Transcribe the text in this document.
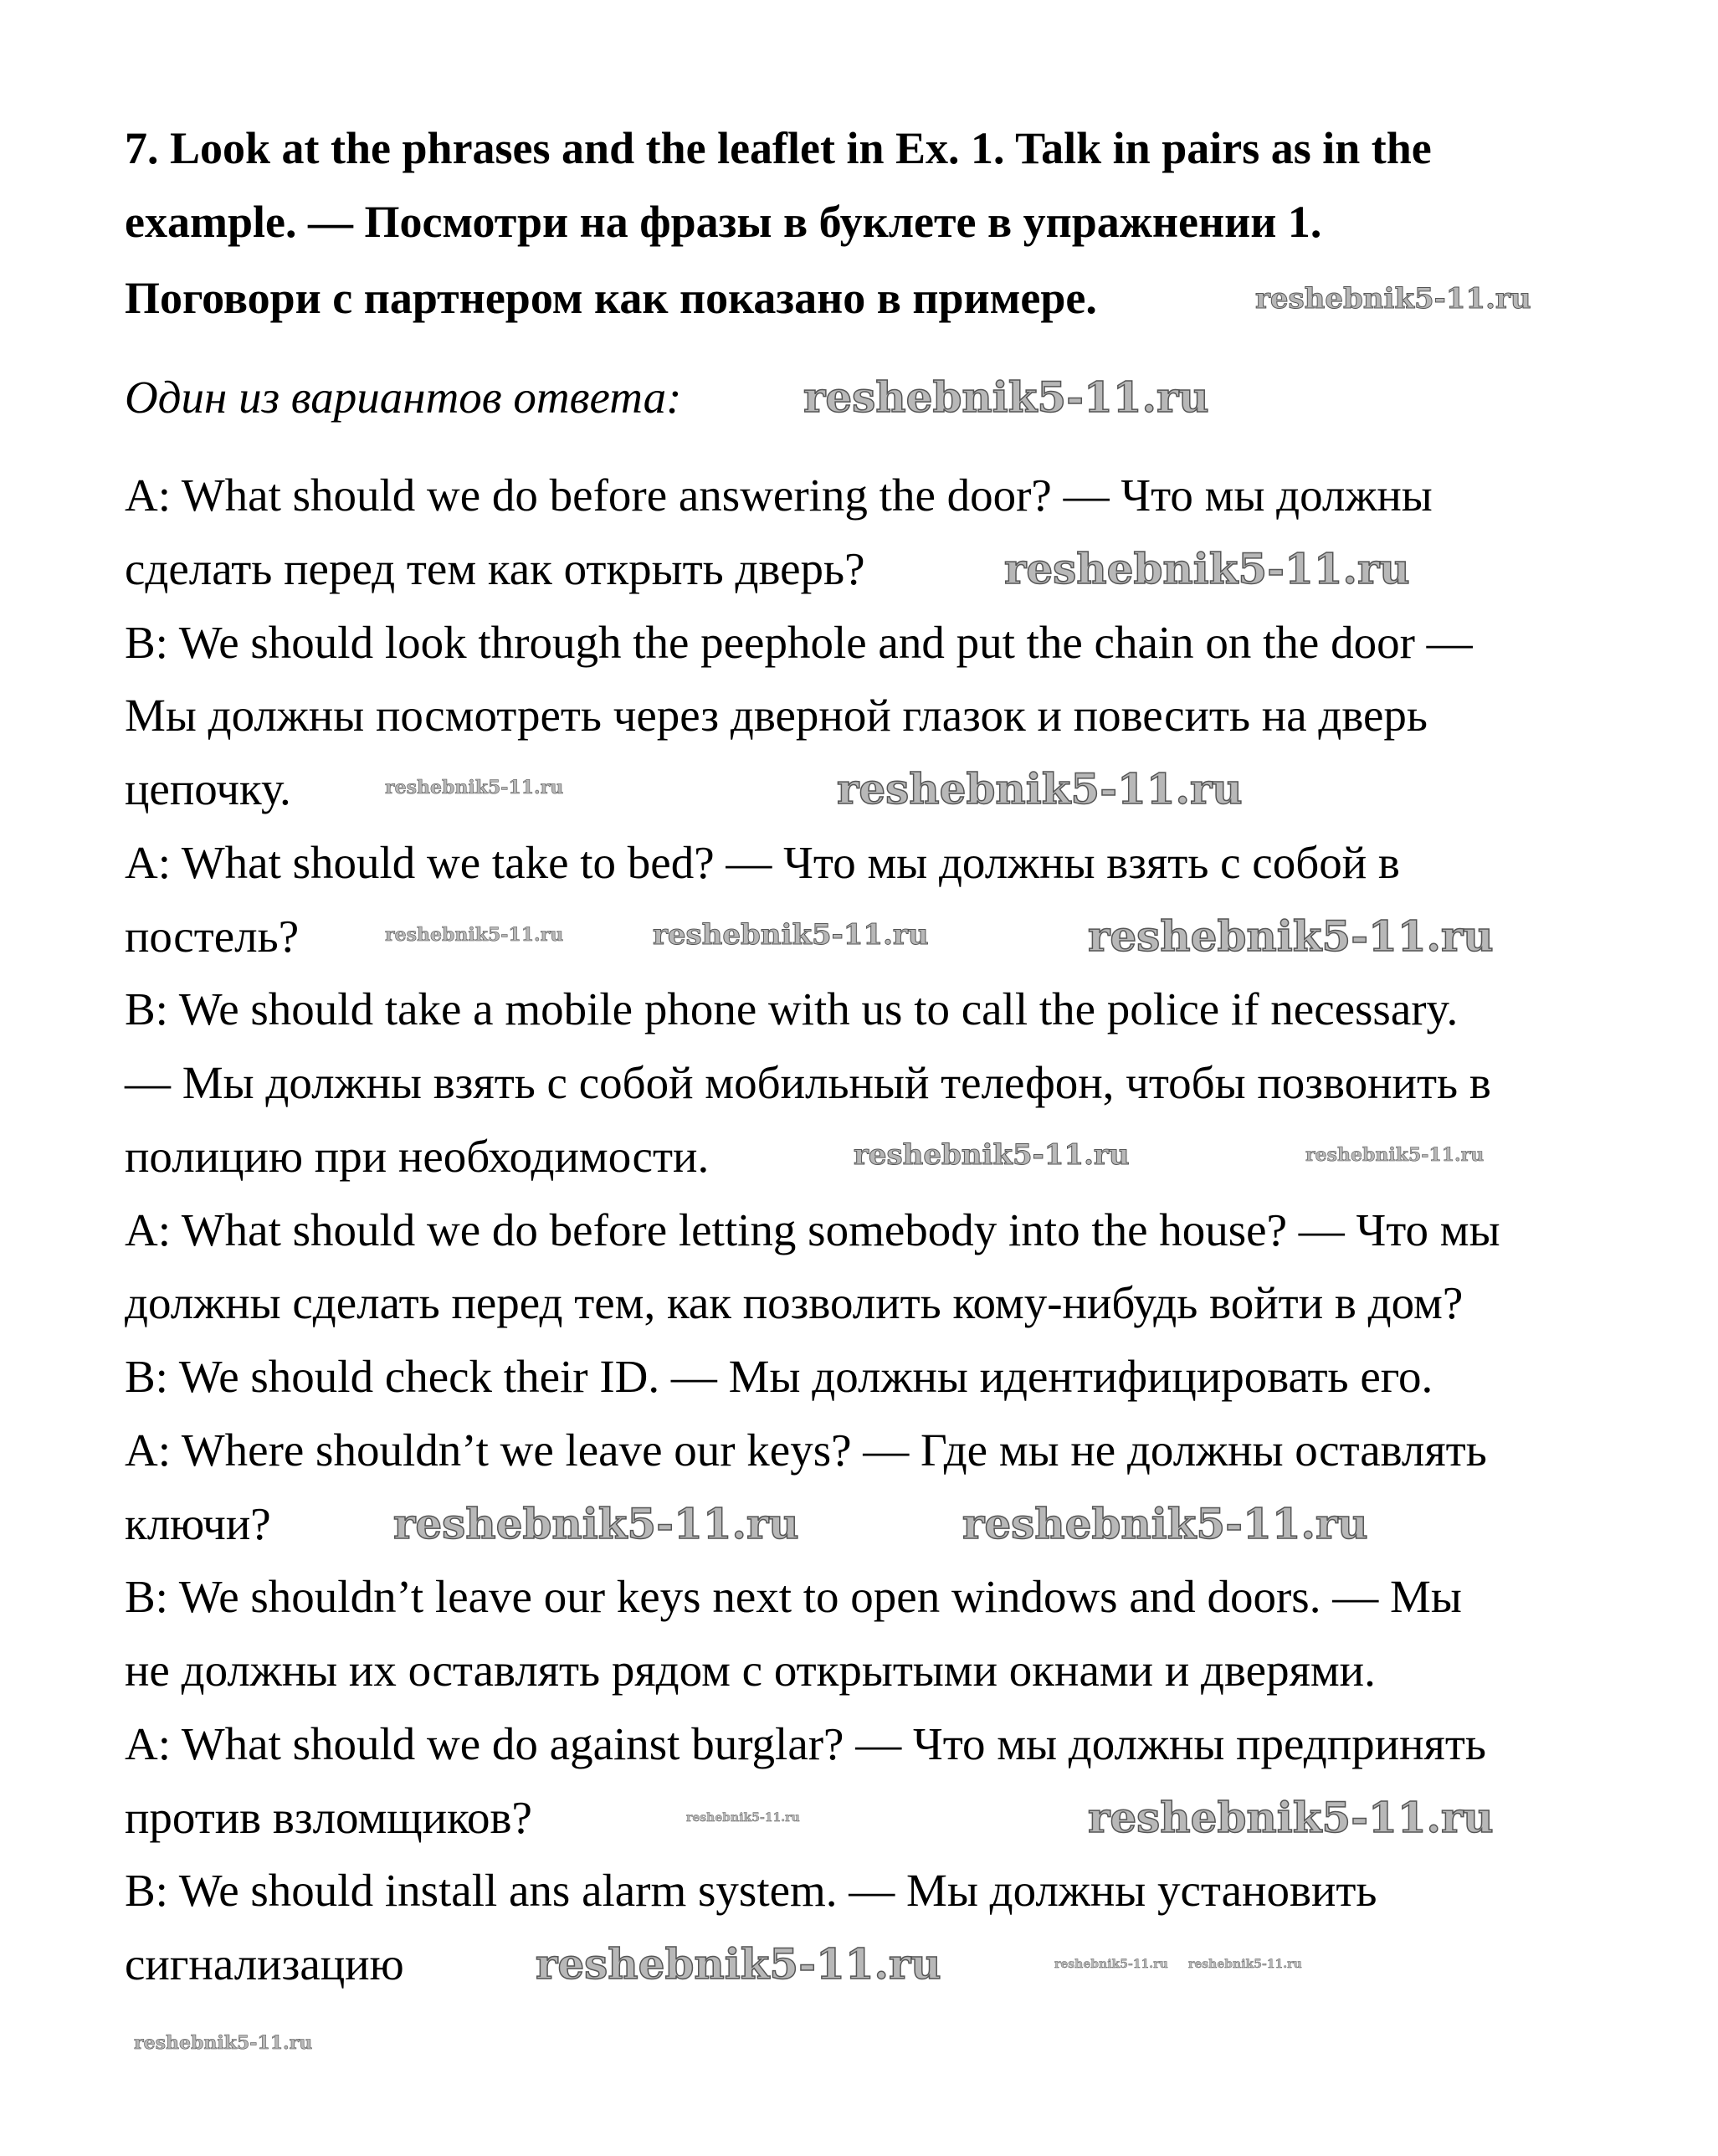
7. Look at the phrases and the leaflet in Ex. 1. Talk in pairs as in the
example. — Посмотри на фразы в буклете в упражнении 1.
Поговори с партнером как показано в примере.
Один из вариантов ответа:
A: What should we do before answering the door? — Что мы должны
сделать перед тем как открыть дверь?
B: We should look through the peephole and put the chain on the door —
Мы должны посмотреть через дверной глазок и повесить на дверь
цепочку.
A: What should we take to bed? — Что мы должны взять с собой в
постель?
B: We should take a mobile phone with us to call the police if necessary.
— Мы должны взять с собой мобильный телефон, чтобы позвонить в
полицию при необходимости.
A: What should we do before letting somebody into the house? — Что мы
должны сделать перед тем, как позволить кому-нибудь войти в дом?
B: We should check their ID. — Мы должны идентифицировать его.
A: Where shouldn’t we leave our keys? — Где мы не должны оставлять
ключи?
B: We shouldn’t leave our keys next to open windows and doors. — Мы
не должны их оставлять рядом с открытыми окнами и дверями.
A: What should we do against burglar? — Что мы должны предпринять
против взломщиков?
B: We should install ans alarm system. — Мы должны установить
сигнализацию
reshebnik5-11.ru
reshebnik5-11.ru
reshebnik5-11.ru
reshebnik5-11.ru	reshebnik5-11.ru
reshebnik5-11.ru	reshebnik5-11.ru	reshebnik5-11.ru
reshebnik5-11.ru	reshebnik5-11.ru
reshebnik5-11.ru	reshebnik5-11.ru
reshebnik5-11.ru	reshebnik5-11.ru
reshebnik5-11.ru reshebnik5-11.ru
reshebnik5-11.ru
reshebnik5-11.ru
